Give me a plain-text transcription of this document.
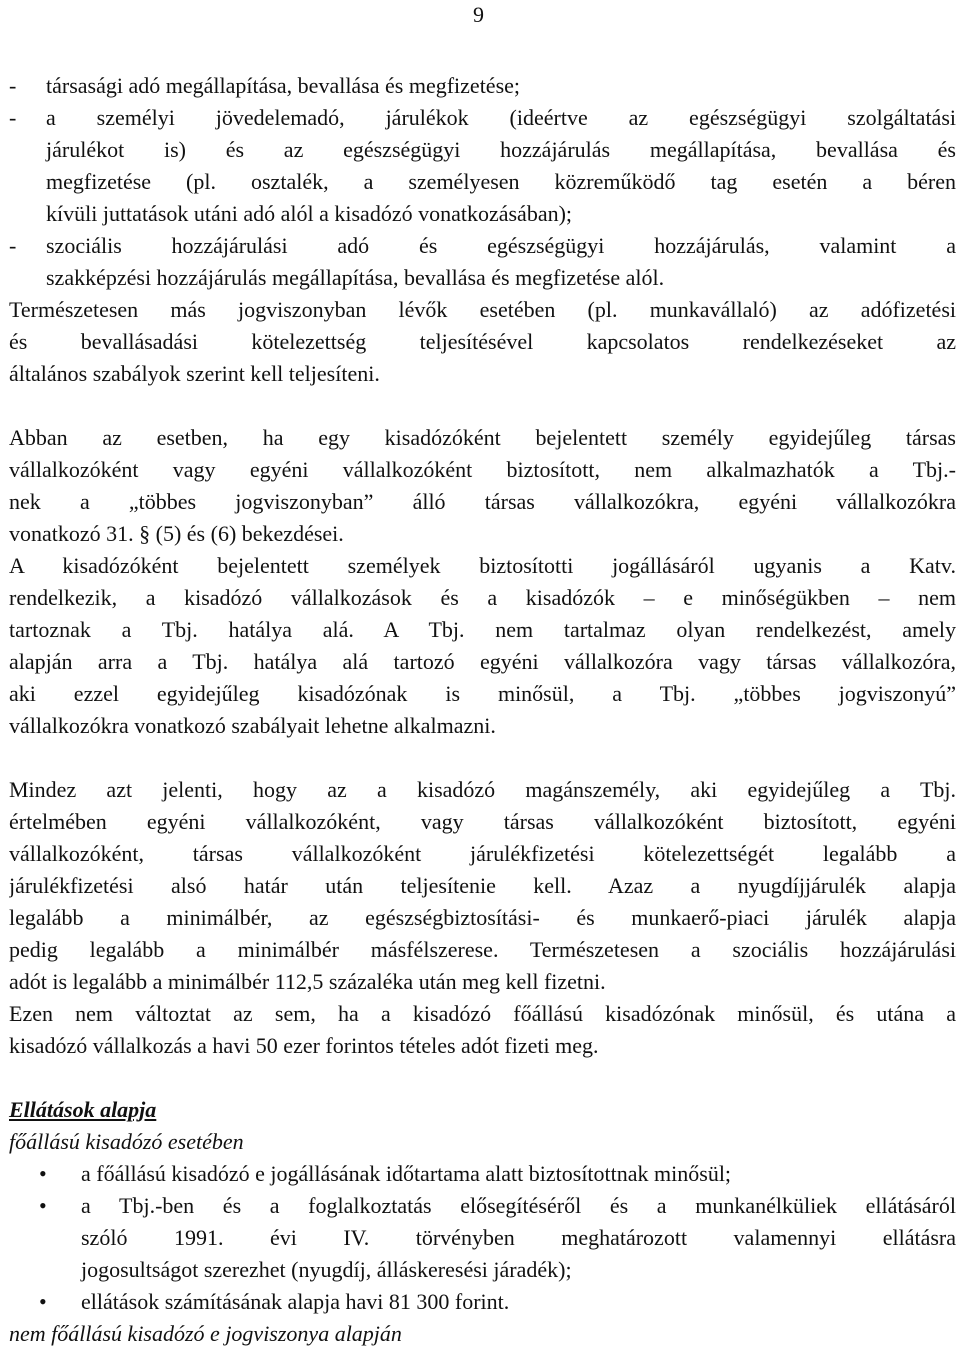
9
-	társasági adó megállapítása, bevallása és megfizetése;
-	a személyi jövedelemadó, járulékok (ideértve az egészségügyi szolgáltatási
járulékot is) és az egészségügyi hozzájárulás megállapítása, bevallása és
megfizetése (pl. osztalék, a személyesen közreműködő tag esetén a béren
kívüli juttatások utáni adó alól a kisadózó vonatkozásában);
-	szociális hozzájárulási adó és egészségügyi hozzájárulás, valamint a
szakképzési hozzájárulás megállapítása, bevallása és megfizetése alól.
Természetesen más jogviszonyban lévők esetében (pl. munkavállaló) az adófizetési
és bevallásadási kötelezettség teljesítésével kapcsolatos rendelkezéseket az
általános szabályok szerint kell teljesíteni.
Abban az esetben, ha egy kisadózóként bejelentett személy egyidejűleg társas
vállalkozóként vagy egyéni vállalkozóként biztosított, nem alkalmazhatók a Tbj.-
nek a „többes jogviszonyban” álló társas vállalkozókra, egyéni vállalkozókra
vonatkozó 31. § (5) és (6) bekezdései.
A kisadózóként bejelentett személyek biztosítotti jogállásáról ugyanis a Katv.
rendelkezik, a kisadózó vállalkozások és a kisadózók – e minőségükben – nem
tartoznak a Tbj. hatálya alá. A Tbj. nem tartalmaz olyan rendelkezést, amely
alapján arra a Tbj. hatálya alá tartozó egyéni vállalkozóra vagy társas vállalkozóra,
aki ezzel egyidejűleg kisadózónak is minősül, a Tbj. „többes jogviszonyú”
vállalkozókra vonatkozó szabályait lehetne alkalmazni.
Mindez azt jelenti, hogy az a kisadózó magánszemély, aki egyidejűleg a Tbj.
értelmében egyéni vállalkozóként, vagy társas vállalkozóként biztosított, egyéni
vállalkozóként, társas vállalkozóként járulékfizetési kötelezettségét legalább a
járulékfizetési alsó határ után teljesítenie kell. Azaz a nyugdíjjárulék alapja
legalább a minimálbér, az egészségbiztosítási- és munkaerő-piaci járulék alapja
pedig legalább a minimálbér másfélszerese. Természetesen a szociális hozzájárulási
adót is legalább a minimálbér 112,5 százaléka után meg kell fizetni.
Ezen nem változtat az sem, ha a kisadózó főállású kisadózónak minősül, és utána a
kisadózó vállalkozás a havi 50 ezer forintos tételes adót fizeti meg.
Ellátások alapja
főállású kisadózó esetében
•	a főállású kisadózó e jogállásának időtartama alatt biztosítottnak minősül;
•	a Tbj.-ben és a foglalkoztatás elősegítéséről és a munkanélküliek ellátásáról
szóló 1991. évi IV. törvényben meghatározott valamennyi ellátásra
jogosultságot szerezhet (nyugdíj, álláskeresési járadék);
•	ellátások számításának alapja havi 81 300 forint.
nem főállású kisadózó e jogviszonya alapján
